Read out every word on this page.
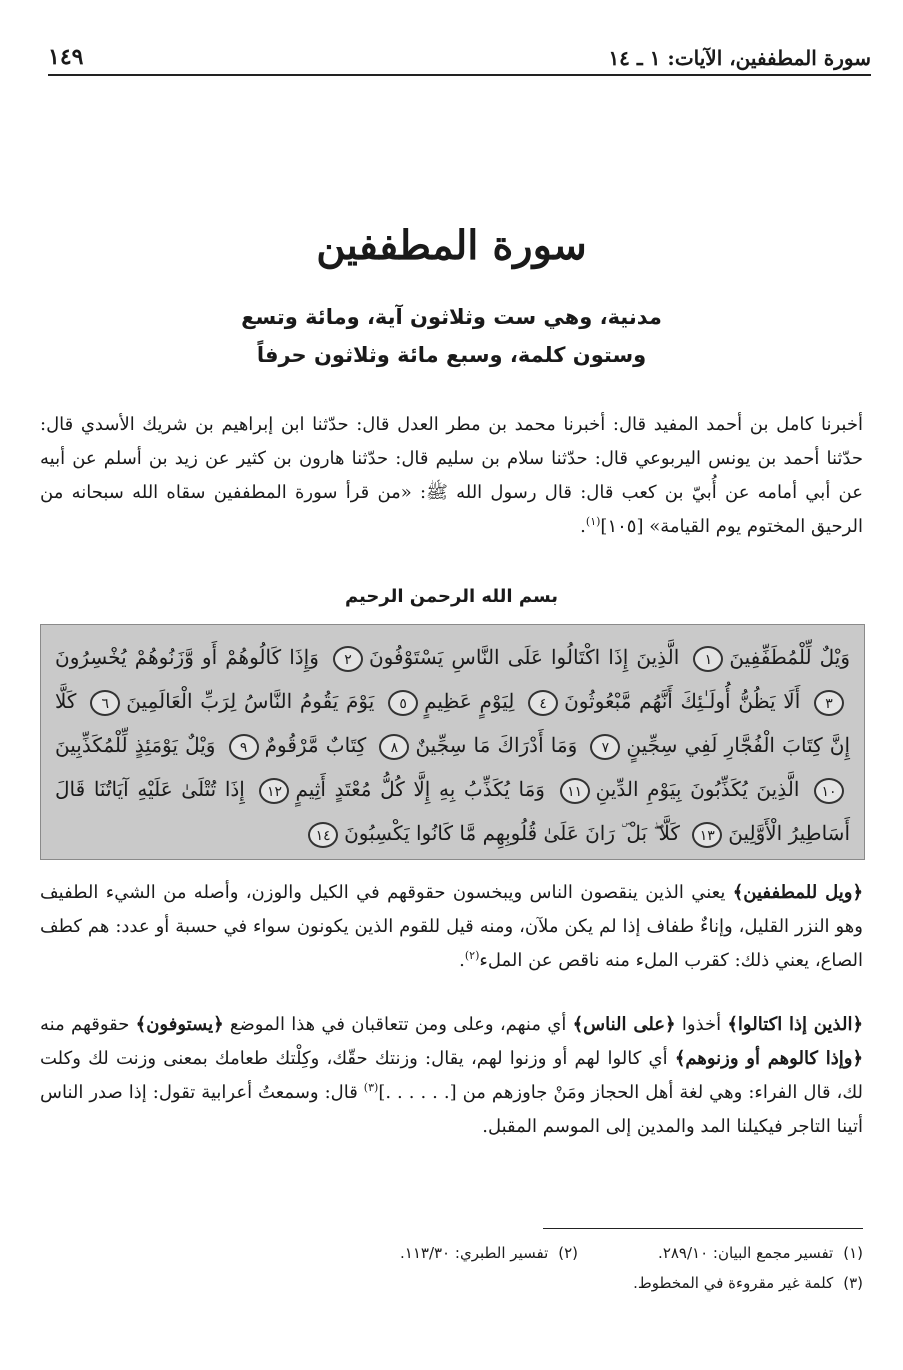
سورة المطففين، الآيات: ١ ـ ١٤
١٤٩
سورة المطففين
مدنية، وهي ست وثلاثون آية، ومائة وتسع
وستون كلمة، وسبع مائة وثلاثون حرفاً
أخبرنا كامل بن أحمد المفيد قال: أخبرنا محمد بن مطر العدل قال: حدّثنا ابن إبراهيم بن شريك الأسدي قال: حدّثنا أحمد بن يونس اليربوعي قال: حدّثنا سلام بن سليم قال: حدّثنا هارون بن كثير عن زيد بن أسلم عن أبيه عن أبي أمامه عن أُبيّ بن كعب قال: قال رسول الله ﷺ: «من قرأ سورة المطففين سقاه الله سبحانه من الرحيق المختوم يوم القيامة» [١٠٥]$^{(١)}$.
بسم الله الرحمن الرحيم
وَيْلٌ لِّلْمُطَفِّفِينَ١ الَّذِينَ إِذَا اكْتَالُوا عَلَى النَّاسِ يَسْتَوْفُونَ٢ وَإِذَا كَالُوهُمْ أَو وَّزَنُوهُمْ يُخْسِرُونَ٣ أَلَا يَظُنُّ أُولَـٰئِكَ أَنَّهُم مَّبْعُوثُونَ٤ لِيَوْمٍ عَظِيمٍ٥ يَوْمَ يَقُومُ النَّاسُ لِرَبِّ الْعَالَمِينَ٦ كَلَّا إِنَّ كِتَابَ الْفُجَّارِ لَفِي سِجِّينٍ٧ وَمَا أَدْرَاكَ مَا سِجِّينٌ٨ كِتَابٌ مَّرْقُومٌ٩ وَيْلٌ يَوْمَئِذٍ لِّلْمُكَذِّبِينَ١٠ الَّذِينَ يُكَذِّبُونَ بِيَوْمِ الدِّينِ١١ وَمَا يُكَذِّبُ بِهِ إِلَّا كُلُّ مُعْتَدٍ أَثِيمٍ١٢ إِذَا تُتْلَىٰ عَلَيْهِ آيَاتُنَا قَالَ أَسَاطِيرُ الْأَوَّلِينَ١٣ كَلَّا ۖ بَلْ ۜ رَانَ عَلَىٰ قُلُوبِهِم مَّا كَانُوا يَكْسِبُونَ١٤
﴿ويل للمطففين﴾ يعني الذين ينقصون الناس ويبخسون حقوقهم في الكيل والوزن، وأصله من الشيء الطفيف وهو النزر القليل، وإناءٌ طفاف إذا لم يكن ملآن، ومنه قيل للقوم الذين يكونون سواء في حسبة أو عدد: هم كطف الصاع، يعني ذلك: كقرب الملء منه ناقص عن الملء$^{(٢)}$.
﴿الذين إذا اكتالوا﴾ أخذوا ﴿على الناس﴾ أي منهم، وعلى ومن تتعاقبان في هذا الموضع ﴿يستوفون﴾ حقوقهم منه ﴿وإذا كالوهم أو وزنوهم﴾ أي كالوا لهم أو وزنوا لهم، يقال: وزنتك حقّك، وكِلْتك طعامك بمعنى وزنت لك وكلت لك، قال الفراء: وهي لغة أهل الحجاز ومَنْ جاوزهم من [. . . . . .]$^{(٣)}$ قال: وسمعتُ أعرابية تقول: إذا صدر الناس أتينا التاجر فيكيلنا المد والمدين إلى الموسم المقبل.
(١)
تفسير مجمع البيان: ٢٨٩/١٠.
(٢)
تفسير الطبري: ١١٣/٣٠.
(٣)
كلمة غير مقروءة في المخطوط.
